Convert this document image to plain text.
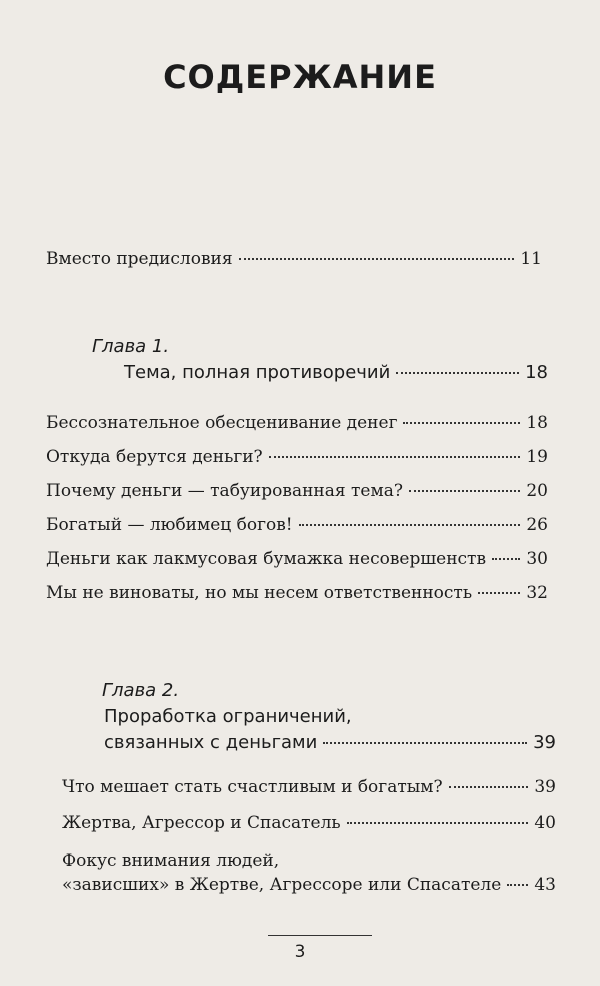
СОДЕРЖАНИЕ
Вместо предисловия	11
Глава 1.
Тема, полная противоречий	18
Бессознательное обесценивание денег	18
Откуда берутся деньги?	19
Почему деньги — табуированная тема?	20
Богатый — любимец богов!	26
Деньги как лакмусовая бумажка несовершенств 30
Мы не виноваты, но мы несем ответственность	32
Глава 2.
Проработка ограничений,
связанных с деньгами	39
Что мешает стать счастливым и богатым?	39
Жертва, Агрессор и Спасатель	40
Фокус внимания людей,
«зависших» в Жертве, Агрессоре или Спасателе 43
3
